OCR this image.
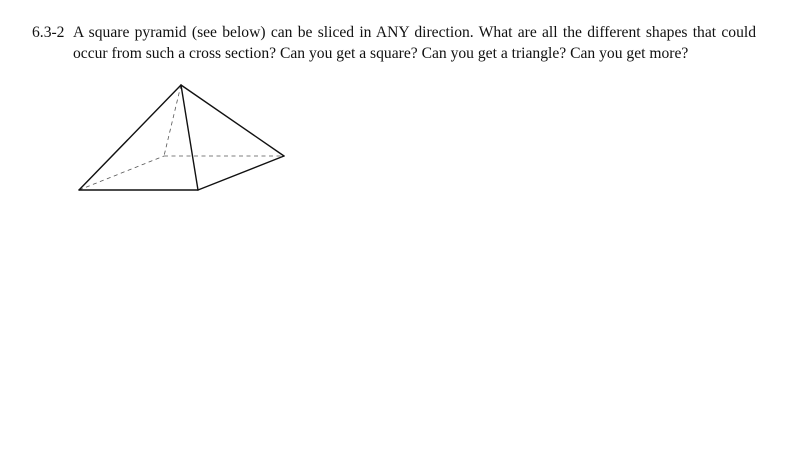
6.3-2 A square pyramid (see below) can be sliced in ANY direction. What are all the different shapes that could occur from such a cross section? Can you get a square? Can you get a triangle? Can you get more?
